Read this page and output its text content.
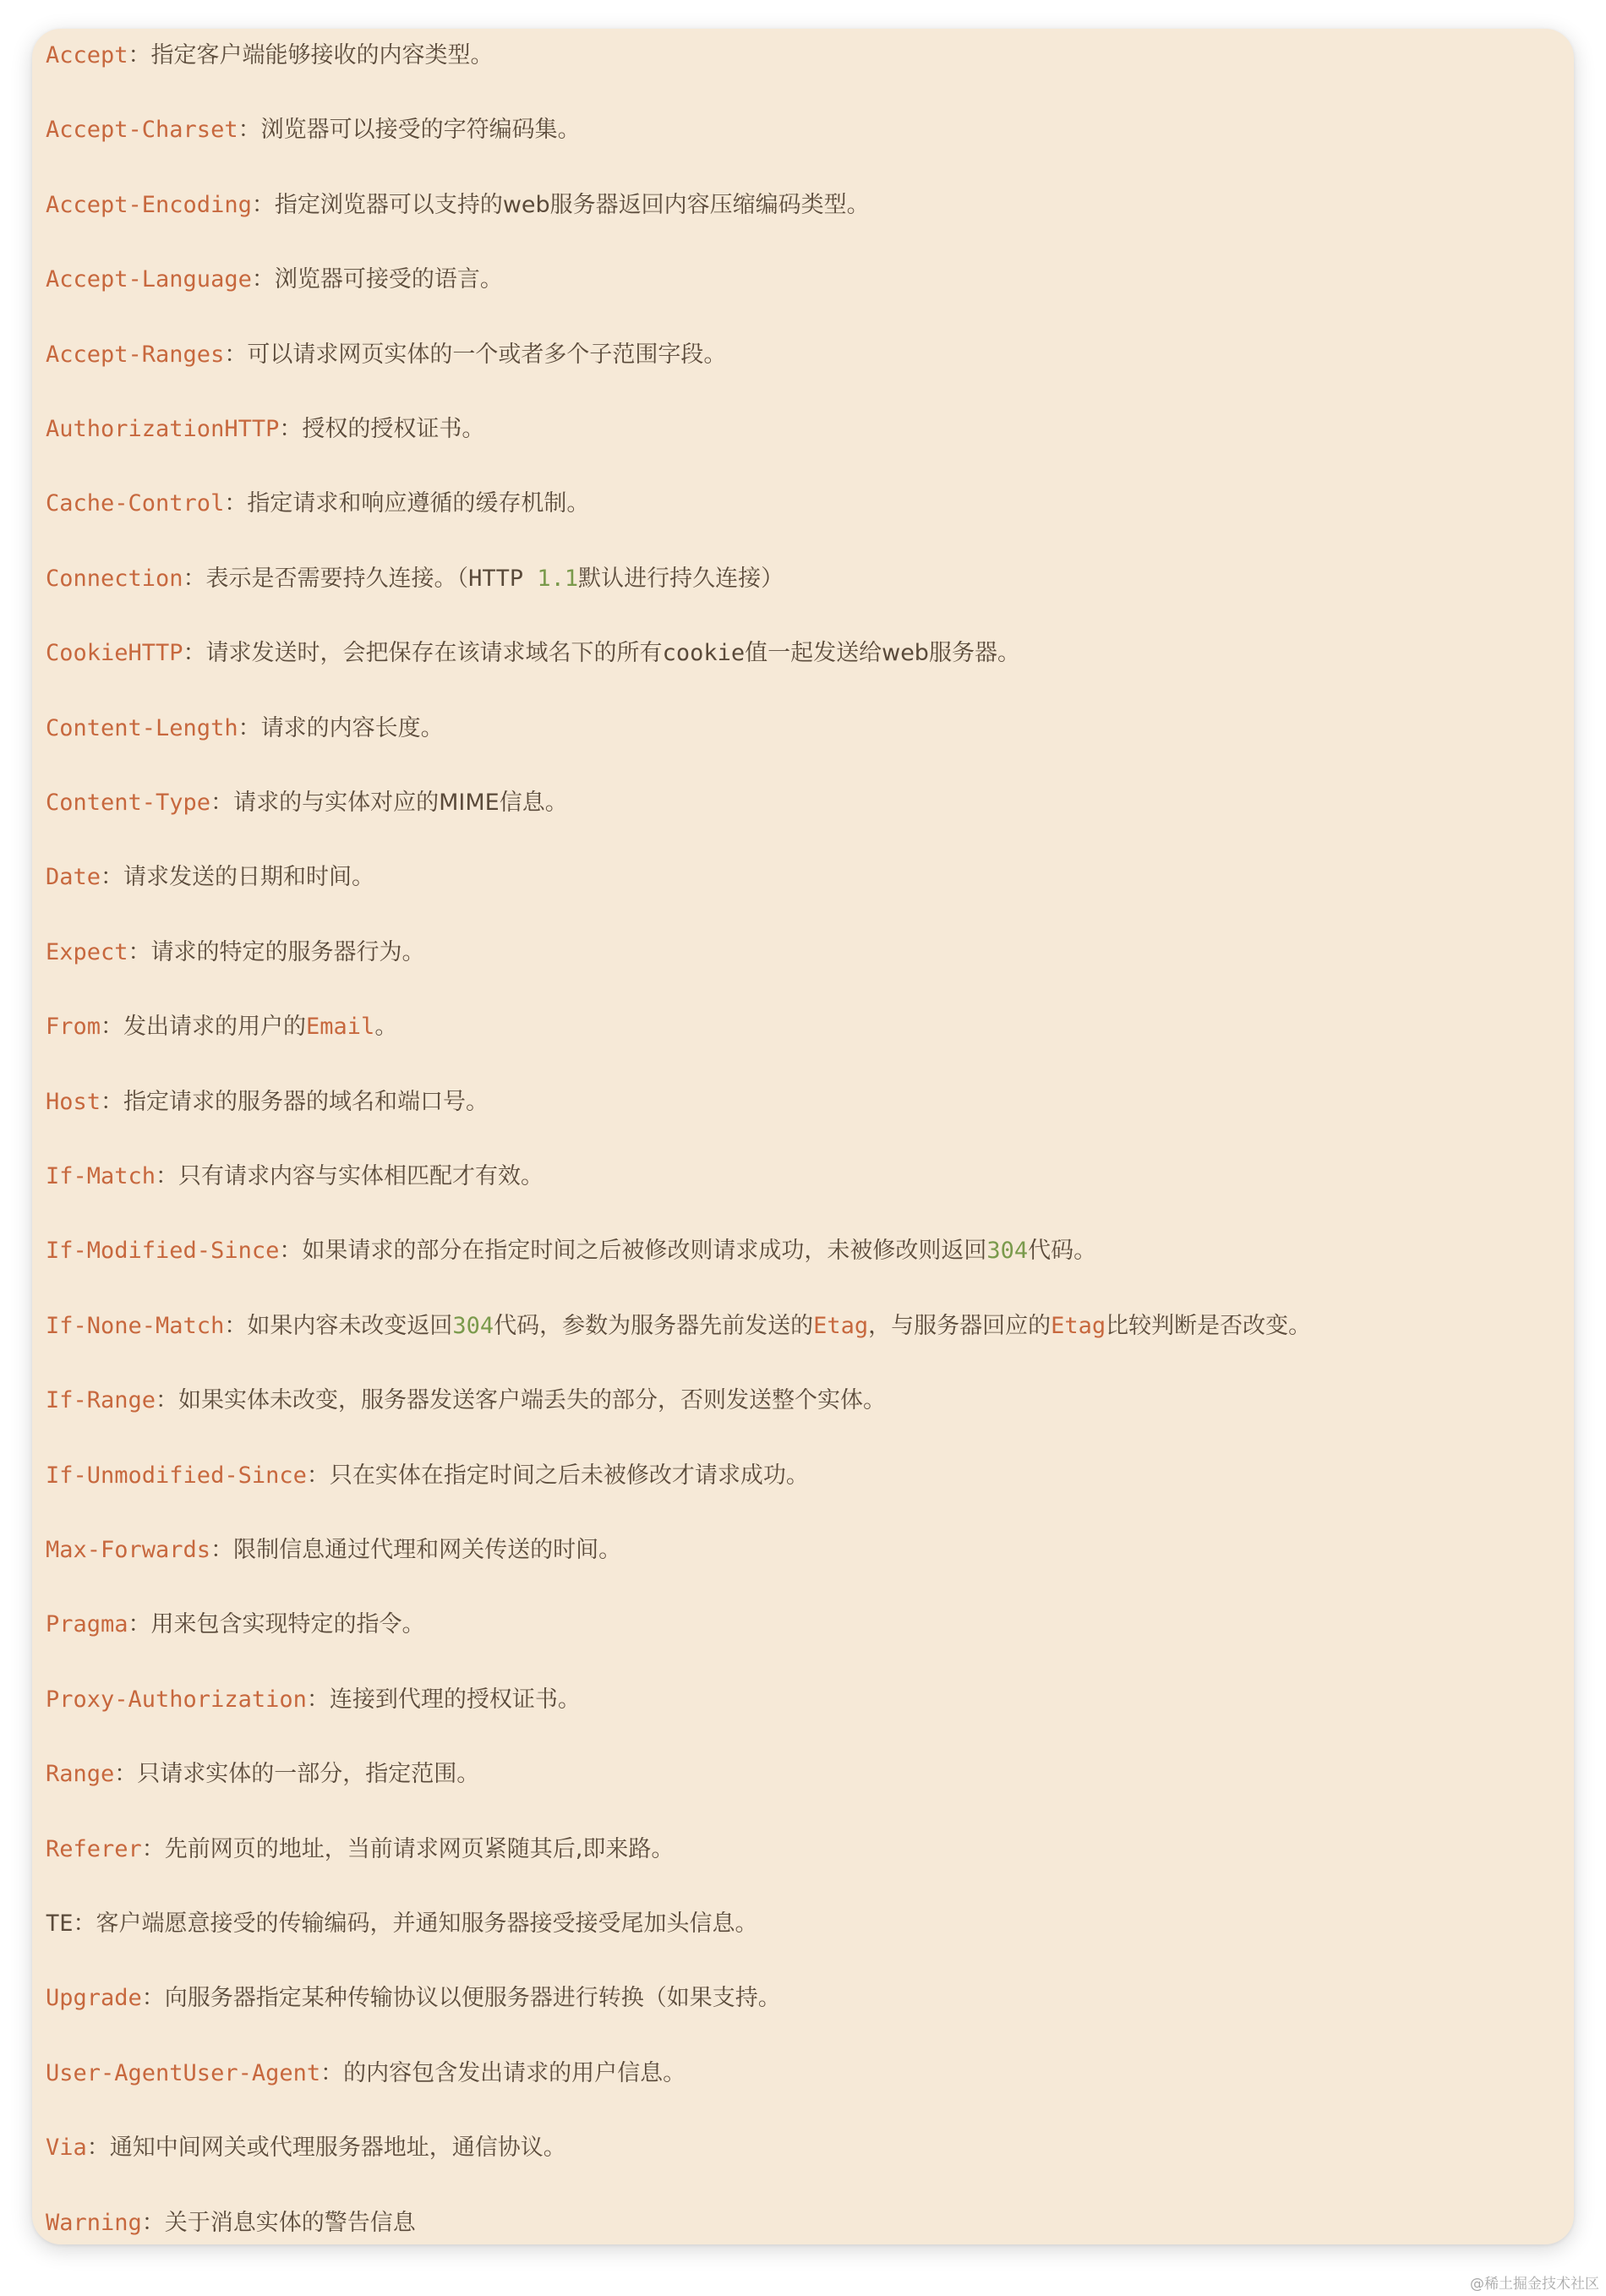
Accept：指定客户端能够接收的内容类型。
Accept-Charset：浏览器可以接受的字符编码集。
Accept-Encoding：指定浏览器可以支持的web服务器返回内容压缩编码类型。
Accept-Language：浏览器可接受的语言。
Accept-Ranges：可以请求网页实体的一个或者多个子范围字段。
AuthorizationHTTP：授权的授权证书。
Cache-Control：指定请求和响应遵循的缓存机制。
Connection：表示是否需要持久连接。（HTTP 1.1默认进行持久连接）
CookieHTTP：请求发送时，会把保存在该请求域名下的所有cookie值一起发送给web服务器。
Content-Length：请求的内容长度。
Content-Type：请求的与实体对应的MIME信息。
Date：请求发送的日期和时间。
Expect：请求的特定的服务器行为。
From：发出请求的用户的Email。
Host：指定请求的服务器的域名和端口号。
If-Match：只有请求内容与实体相匹配才有效。
If-Modified-Since：如果请求的部分在指定时间之后被修改则请求成功，未被修改则返回304代码。
If-None-Match：如果内容未改变返回304代码，参数为服务器先前发送的Etag，与服务器回应的Etag比较判断是否改变。
If-Range：如果实体未改变，服务器发送客户端丢失的部分，否则发送整个实体。
If-Unmodified-Since：只在实体在指定时间之后未被修改才请求成功。
Max-Forwards：限制信息通过代理和网关传送的时间。
Pragma：用来包含实现特定的指令。
Proxy-Authorization：连接到代理的授权证书。
Range：只请求实体的一部分，指定范围。
Referer：先前网页的地址，当前请求网页紧随其后,即来路。
TE：客户端愿意接受的传输编码，并通知服务器接受接受尾加头信息。
Upgrade：向服务器指定某种传输协议以便服务器进行转换（如果支持。
User-AgentUser-Agent：的内容包含发出请求的用户信息。
Via：通知中间网关或代理服务器地址，通信协议。
Warning：关于消息实体的警告信息
@稀土掘金技术社区
